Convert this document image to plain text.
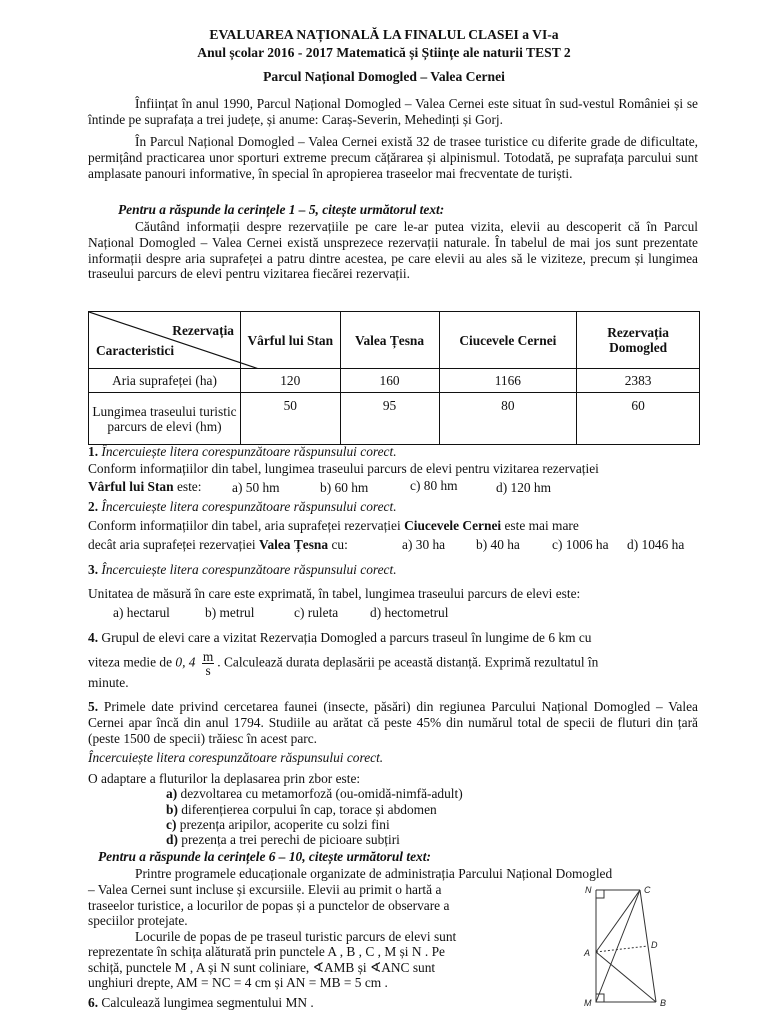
EVALUAREA NAȚIONALĂ LA FINALUL CLASEI a VI-a
Anul școlar 2016 - 2017 Matematică și Științe ale naturii TEST 2
Parcul Național Domogled – Valea Cernei
Înființat în anul 1990, Parcul Național Domogled – Valea Cernei este situat în sud-vestul României și se întinde pe suprafața a trei județe, și anume: Caraș-Severin, Mehedinți și Gorj.
În Parcul Național Domogled – Valea Cernei există 32 de trasee turistice cu diferite grade de dificultate, permițând practicarea unor sporturi extreme precum cățărarea și alpinismul. Totodată, pe suprafața parcului sunt amplasate panouri informative, în special în apropierea traseelor mai frecventate de turiști.
Pentru a răspunde la cerințele 1 – 5, citește următorul text:
Căutând informații despre rezervațiile pe care le-ar putea vizita, elevii au descoperit că în Parcul Național Domogled – Valea Cernei există unsprezece rezervații naturale. În tabelul de mai jos sunt prezentate informații despre aria suprafeței a patru dintre acestea, pe care elevii au ales să le viziteze, precum și lungimea traseului parcurs de elevi pentru vizitarea fiecărei rezervații.
Rezervația
Caracteristici	Vârful lui Stan	Valea Țesna	Ciucevele Cernei	Rezervația Domogled
Aria suprafeței (ha)	120	160	1166	2383
Lungimea traseului turistic parcurs de elevi (hm)	50	95	80	60
1. Încercuiește litera corespunzătoare răspunsului corect.
Conform informațiilor din tabel, lungimea traseului parcurs de elevi pentru vizitarea rezervației
Vârful lui Stan este:	a) 50 hm	b) 60 hm	c) 80 hm	d) 120 hm
2. Încercuiește litera corespunzătoare răspunsului corect.
Conform informațiilor din tabel, aria suprafeței rezervației Ciucevele Cernei este mai mare
decât aria suprafeței rezervației Valea Țesna cu:	a) 30 ha b) 40 ha c) 1006 ha d) 1046 ha
3. Încercuiește litera corespunzătoare răspunsului corect.
Unitatea de măsură în care este exprimată, în tabel, lungimea traseului parcurs de elevi este:
a) hectarul	b) metrul	c) ruleta d) hectometrul
4. Grupul de elevi care a vizitat Rezervația Domogled a parcurs traseul în lungime de 6 km cu
viteza medie de 0, $4 \frac{m}{s}$ . Calculează durata deplasării pe această distanță. Exprimă rezultatul în
minute.
5. Primele date privind cercetarea faunei (insecte, păsări) din regiunea Parcului Național Domogled – Valea Cernei apar încă din anul 1794. Studiile au arătat că peste 45% din numărul total de specii de fluturi din țară (peste 1500 de specii) trăiesc în acest parc.
Încercuiește litera corespunzătoare răspunsului corect.
O adaptare a fluturilor la deplasarea prin zbor este:
a) dezvoltarea cu metamorfoză (ou-omidă-nimfă-adult)
b) diferențierea corpului în cap, torace și abdomen
c) prezența aripilor, acoperite cu solzi fini
d) prezența a trei perechi de picioare subțiri
Pentru a răspunde la cerințele 6 – 10, citește următorul text:
Printre programele educaționale organizate de administrația Parcului Național Domogled
– Valea Cernei sunt incluse și excursiile. Elevii au primit o hartă a
traseelor turistice, a locurilor de popas și a punctelor de observare a
speciilor protejate.
Locurile de popas de pe traseul turistic parcurs de elevi sunt
reprezentate în schița alăturată prin punctele A , B , C , M și N . Pe
schiță, punctele M , A și N sunt coliniare, ∢AMB și ∢ANC sunt
unghiuri drepte, AM = NC = 4 cm și AN = MB = 5 cm .
6. Calculează lungimea segmentului MN .
N	C
A
D
M	B
